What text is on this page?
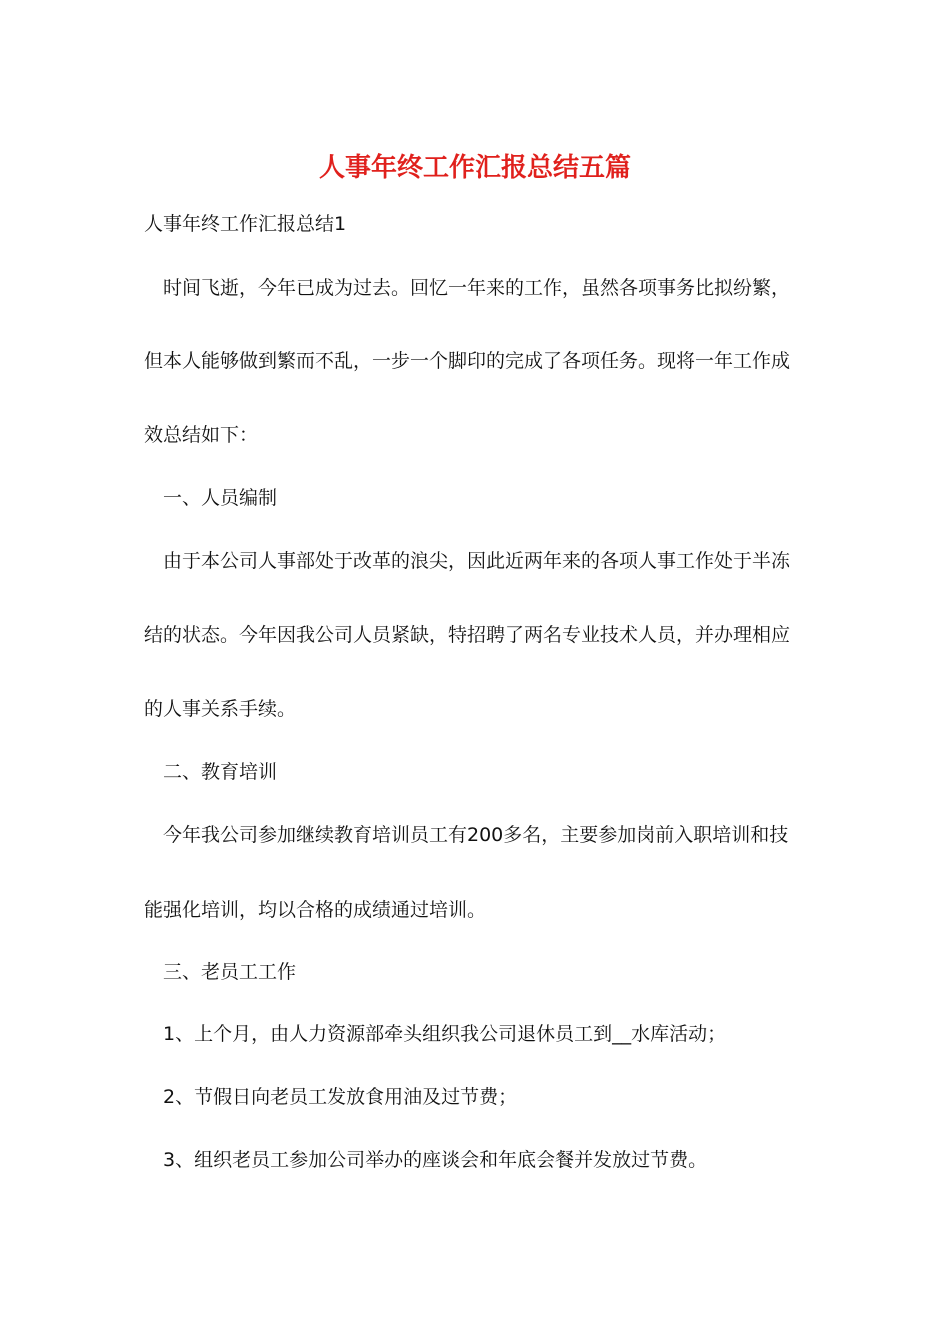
人事年终工作汇报总结五篇
人事年终工作汇报总结1
时间飞逝，今年已成为过去。回忆一年来的工作，虽然各项事务比拟纷繁，
但本人能够做到繁而不乱，一步一个脚印的完成了各项任务。现将一年工作成
效总结如下：
一、人员编制
由于本公司人事部处于改革的浪尖，因此近两年来的各项人事工作处于半冻
结的状态。今年因我公司人员紧缺，特招聘了两名专业技术人员，并办理相应
的人事关系手续。
二、教育培训
今年我公司参加继续教育培训员工有200多名，主要参加岗前入职培训和技
能强化培训，均以合格的成绩通过培训。
三、老员工工作
1、上个月，由人力资源部牵头组织我公司退休员工到__水库活动；
2、节假日向老员工发放食用油及过节费；
3、组织老员工参加公司举办的座谈会和年底会餐并发放过节费。
